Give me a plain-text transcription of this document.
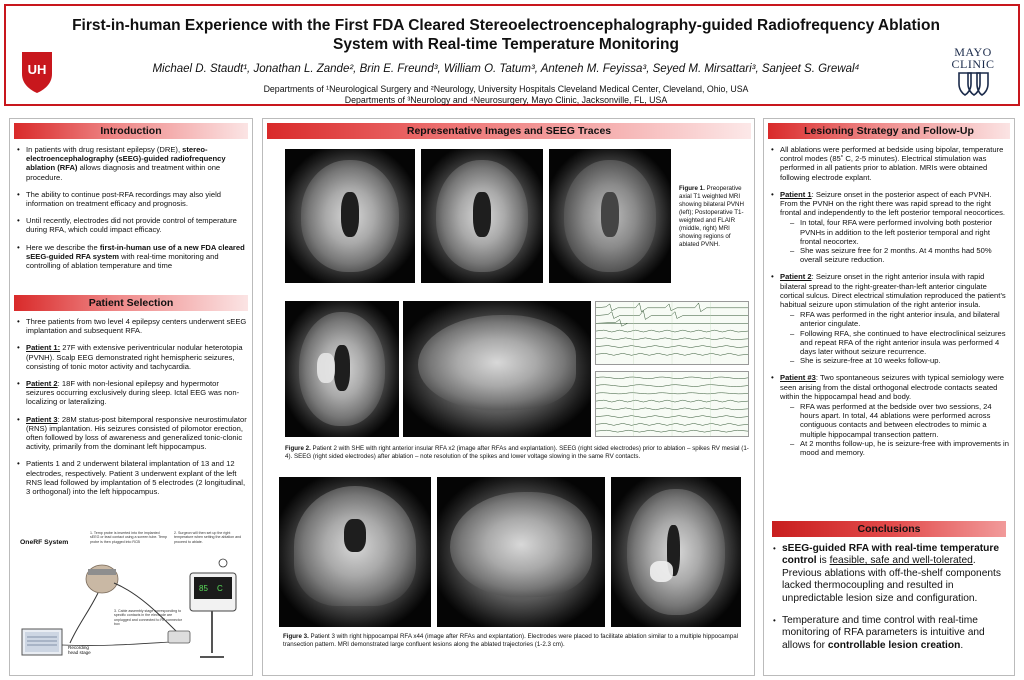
UH
First-in-human Experience with the First FDA Cleared Stereoelectroencephalography-guided Radiofrequency Ablation System with Real-time Temperature Monitoring
Michael D. Staudt¹, Jonathan L. Zande², Brin E. Freund³, William O. Tatum³, Anteneh M. Feyissa³, Seyed M. Mirsattari³, Sanjeet S. Grewal⁴
Departments of ¹Neurological Surgery and ²Neurology, University Hospitals Cleveland Medical Center, Cleveland, Ohio, USA
Departments of ³Neurology and ⁴Neurosurgery, Mayo Clinic, Jacksonville, FL, USA
MAYO
CLINIC
Introduction
• In patients with drug resistant epilepsy (DRE), stereo-electroencephalography (sEEG)-guided radiofrequency ablation (RFA) allows diagnosis and treatment within one procedure.
• The ability to continue post-RFA recordings may also yield information on treatment efficacy and prognosis.
• Until recently, electrodes did not provide control of temperature during RFA, which could impact efficacy.
• Here we describe the first-in-human use of a new FDA cleared sEEG-guided RFA system with real-time monitoring and controlling of ablation temperature and time
Patient Selection
• Three patients from two level 4 epilepsy centers underwent sEEG implantation and subsequent RFA.
• Patient 1: 27F with extensive periventricular nodular heterotopia (PVNH). Scalp EEG demonstrated right hemispheric seizures, consisting of tonic motor activity and tachycardia.
• Patient 2: 18F with non-lesional epilepsy and hypermotor seizures occurring exclusively during sleep. Ictal EEG was non-localizing or lateralizing.
• Patient 3: 28M status-post bitemporal responsive neurostimulator (RNS) implantation. His seizures consisted of pilomotor erection, often followed by loss of awareness and generalized tonic-clonic activity, primarily from the dominant left hippocampus.
• Patients 1 and 2 underwent bilateral implantation of 13 and 12 electrodes, respectively. Patient 3 underwent explant of the left RNS lead followed by implantation of 5 electrodes (2 longitudinal, 3 orthogonal) into the left hippocampus.
OneRF System
1. Temp probe is inserted into the implanted sEEG or lead contact using a screen tube. Temp probe is then plugged into RCB
2. Surgeon will then set up the right temperature when setting the ablation and proceed to ablate.
3. Cable assembly stage corresponding to specific contacts in the electrode are unplugged and connected to RF connector box
85 C
Recording head stage
Representative Images and SEEG Traces
Figure 1. Preoperative axial T1 weighted MRI showing bilateral PVNH (left); Postoperative T1-weighted and FLAIR (middle, right) MRI showing regions of ablated PVNH.
Figure 2. Patient 2 with SHE with right anterior insular RFA x2 (image after RFAs and explantation). SEEG (right sided electrodes) prior to ablation – spikes RV mesial (1-4). SEEG (right sided electrodes) after ablation – note resolution of the spikes and lower voltage slowing in the same RV contacts.
Figure 3. Patient 3 with right hippocampal RFA x44 (image after RFAs and explantation). Electrodes were placed to facilitate ablation similar to a multiple hippocampal transection pattern. MRI demonstrated large confluent lesions along the ablated trajectories (1-2.3 cm).
Lesioning Strategy and Follow-Up
• All ablations were performed at bedside using bipolar, temperature control modes (85˚ C, 2-5 minutes). Electrical stimulation was performed in all patients prior to ablation. MRIs were obtained following electrode explant.
• Patient 1: Seizure onset in the posterior aspect of each PVNH. From the PVNH on the right there was rapid spread to the right frontal and independently to the left posterior temporal neocortices.
– In total, four RFA were performed involving both posterior PVNHs in addition to the left posterior temporal and right frontal neocortex.
– She was seizure free for 2 months. At 4 months had 50% overall seizure reduction.
• Patient 2: Seizure onset in the right anterior insula with rapid bilateral spread to the right-greater-than-left anterior cingulate cortical sulcus. Direct electrical stimulation reproduced the patient’s habitual seizure upon stimulation of the right anterior insula.
– RFA was performed in the right anterior insula, and bilateral anterior cingulate.
– Following RFA, she continued to have electroclinical seizures and repeat RFA of the right anterior insula was performed 4 days later without seizure recurrence.
– She is seizure-free at 10 weeks follow-up.
• Patient #3: Two spontaneous seizures with typical semiology were seen arising from the distal orthogonal electrode contacts seated within the hippocampal head and body.
– RFA was performed at the bedside over two sessions, 24 hours apart. In total, 44 ablations were performed across contiguous contacts and between electrodes to mimic a multiple hippocampal transection pattern.
– At 2 months follow-up, he is seizure-free with improvements in mood and memory.
Conclusions
• sEEG-guided RFA with real-time temperature control is feasible, safe and well-tolerated. Previous ablations with off-the-shelf components lacked thermocoupling and resulted in unpredictable lesion size and configuration.
• Temperature and time control with real-time monitoring of RFA parameters is intuitive and allows for controllable lesion creation.
